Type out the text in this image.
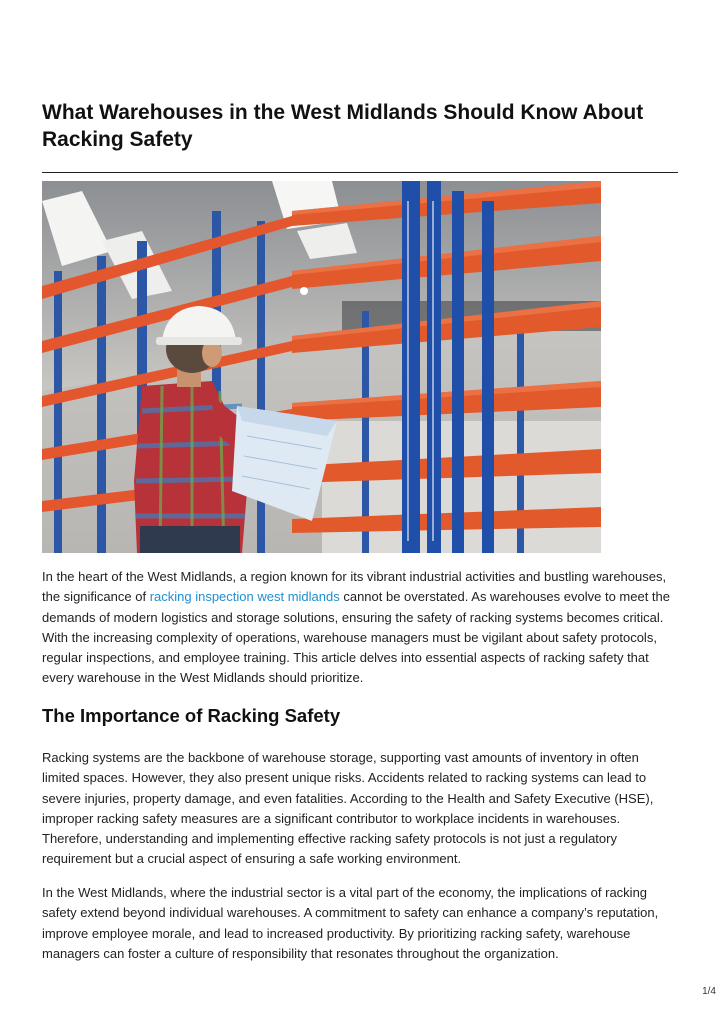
What Warehouses in the West Midlands Should Know About Racking Safety

In the heart of the West Midlands, a region known for its vibrant industrial activities and bustling warehouses, the significance of racking inspection west midlands cannot be overstated. As warehouses evolve to meet the demands of modern logistics and storage solutions, ensuring the safety of racking systems becomes critical. With the increasing complexity of operations, warehouse managers must be vigilant about safety protocols, regular inspections, and employee training. This article delves into essential aspects of racking safety that every warehouse in the West Midlands should prioritize.

The Importance of Racking Safety

Racking systems are the backbone of warehouse storage, supporting vast amounts of inventory in often limited spaces. However, they also present unique risks. Accidents related to racking systems can lead to severe injuries, property damage, and even fatalities. According to the Health and Safety Executive (HSE), improper racking safety measures are a significant contributor to workplace incidents in warehouses. Therefore, understanding and implementing effective racking safety protocols is not just a regulatory requirement but a crucial aspect of ensuring a safe working environment.

In the West Midlands, where the industrial sector is a vital part of the economy, the implications of racking safety extend beyond individual warehouses. A commitment to safety can enhance a company’s reputation, improve employee morale, and lead to increased productivity. By prioritizing racking safety, warehouse managers can foster a culture of responsibility that resonates throughout the organization.

1/4
